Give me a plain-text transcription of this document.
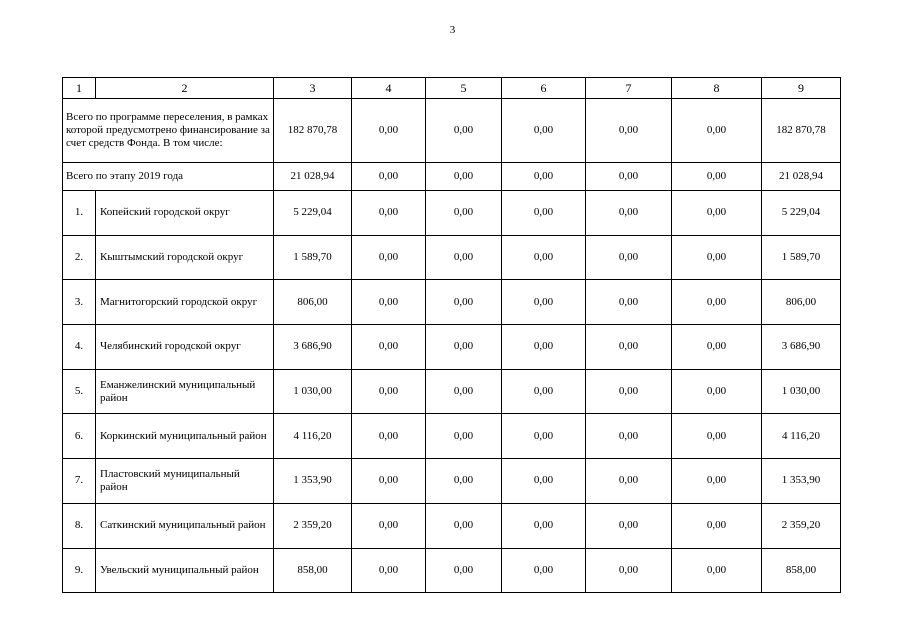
3
1	2	3	4	5	6	7	8	9
Всего по программе переселения, в рамках которой предусмотрено финансирование за счет средств Фонда. В том числе:		182 870,78	0,00	0,00	0,00	0,00	0,00	182 870,78
Всего по этапу 2019 года		21 028,94	0,00	0,00	0,00	0,00	0,00	21 028,94
1.	Копейский городской округ	5 229,04	0,00	0,00	0,00	0,00	0,00	5 229,04
2.	Кыштымский городской округ	1 589,70	0,00	0,00	0,00	0,00	0,00	1 589,70
3.	Магнитогорский городской округ	806,00	0,00	0,00	0,00	0,00	0,00	806,00
4.	Челябинский городской округ	3 686,90	0,00	0,00	0,00	0,00	0,00	3 686,90
5.	Еманжелинский муниципальный район	1 030,00	0,00	0,00	0,00	0,00	0,00	1 030,00
6.	Коркинский муниципальный район	4 116,20	0,00	0,00	0,00	0,00	0,00	4 116,20
7.	Пластовский муниципальный район	1 353,90	0,00	0,00	0,00	0,00	0,00	1 353,90
8.	Саткинский муниципальный район	2 359,20	0,00	0,00	0,00	0,00	0,00	2 359,20
9.	Увельский муниципальный район	858,00	0,00	0,00	0,00	0,00	0,00	858,00
